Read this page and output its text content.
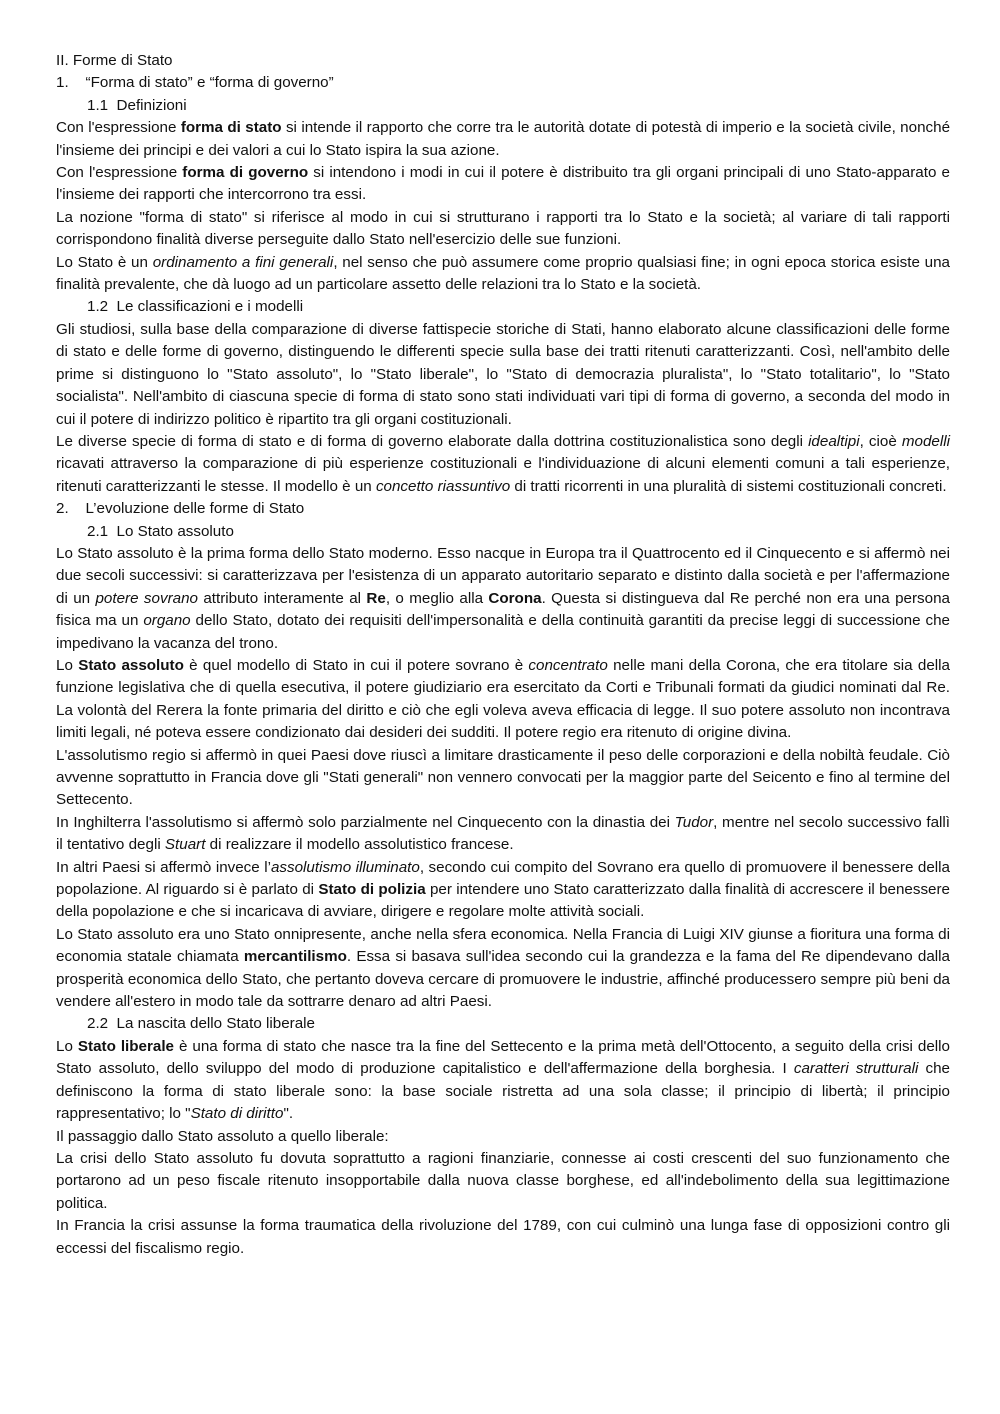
II. Forme di Stato

1.    “Forma di stato” e “forma di governo”

1.1  Definizioni

Con l'espressione forma di stato si intende il rapporto che corre tra le autorità dotate di potestà di imperio e la società civile, nonché l'insieme dei principi e dei valori a cui lo Stato ispira la sua azione.

Con l'espressione forma di governo si intendono i modi in cui il potere è distribuito tra gli organi principali di uno Stato-apparato e l'insieme dei rapporti che intercorrono tra essi.

La nozione "forma di stato" si riferisce al modo in cui si strutturano i rapporti tra lo Stato e la società; al variare di tali rapporti corrispondono finalità diverse perseguite dallo Stato nell'esercizio delle sue funzioni.

Lo Stato è un ordinamento a fini generali, nel senso che può assumere come proprio qualsiasi fine; in ogni epoca storica esiste una finalità prevalente, che dà luogo ad un particolare assetto delle relazioni tra lo Stato e la società.

1.2  Le classificazioni e i modelli

Gli studiosi, sulla base della comparazione di diverse fattispecie storiche di Stati, hanno elaborato alcune classificazioni delle forme di stato e delle forme di governo, distinguendo le differenti specie sulla base dei tratti ritenuti caratterizzanti. Così, nell'ambito delle prime si distinguono lo "Stato assoluto", lo "Stato liberale", lo "Stato di democrazia pluralista", lo "Stato totalitario", lo "Stato socialista". Nell'ambito di ciascuna specie di forma di stato sono stati individuati vari tipi di forma di governo, a seconda del modo in cui il potere di indirizzo politico è ripartito tra gli organi costituzionali.

Le diverse specie di forma di stato e di forma di governo elaborate dalla dottrina costituzionalistica sono degli idealtipi, cioè modelli ricavati attraverso la comparazione di più esperienze costituzionali e l'individuazione di alcuni elementi comuni a tali esperienze, ritenuti caratterizzanti le stesse. Il modello è un concetto riassuntivo di tratti ricorrenti in una pluralità di sistemi costituzionali concreti.

2.    L’evoluzione delle forme di Stato

2.1  Lo Stato assoluto

Lo Stato assoluto è la prima forma dello Stato moderno. Esso nacque in Europa tra il Quattrocento ed il Cinquecento e si affermò nei due secoli successivi: si caratterizzava per l'esistenza di un apparato autoritario separato e distinto dalla società e per l'affermazione di un potere sovrano attributo interamente al Re, o meglio alla Corona. Questa si distingueva dal Re perché non era una persona fisica ma un organo dello Stato, dotato dei requisiti dell'impersonalità e della continuità garantiti da precise leggi di successione che impedivano la vacanza del trono.

Lo Stato assoluto è quel modello di Stato in cui il potere sovrano è concentrato nelle mani della Corona, che era titolare sia della funzione legislativa che di quella esecutiva, il potere giudiziario era esercitato da Corti e Tribunali formati da giudici nominati dal Re. La volontà del Rerera la fonte primaria del diritto e ciò che egli voleva aveva efficacia di legge. Il suo potere assoluto non incontrava limiti legali, né poteva essere condizionato dai desideri dei sudditi. Il potere regio era ritenuto di origine divina.

L'assolutismo regio si affermò in quei Paesi dove riuscì a limitare drasticamente il peso delle corporazioni e della nobiltà feudale. Ciò avvenne soprattutto in Francia dove gli "Stati generali" non vennero convocati per la maggior parte del Seicento e fino al termine del Settecento.

In Inghilterra l'assolutismo si affermò solo parzialmente nel Cinquecento con la dinastia dei Tudor, mentre nel secolo successivo fallì il tentativo degli Stuart di realizzare il modello assolutistico francese.

In altri Paesi si affermò invece l’assolutismo illuminato, secondo cui compito del Sovrano era quello di promuovere il benessere della popolazione. Al riguardo si è parlato di Stato di polizia per intendere uno Stato caratterizzato dalla finalità di accrescere il benessere della popolazione e che si incaricava di avviare, dirigere e regolare molte attività sociali.

Lo Stato assoluto era uno Stato onnipresente, anche nella sfera economica. Nella Francia di Luigi XIV giunse a fioritura una forma di economia statale chiamata mercantilismo. Essa si basava sull'idea secondo cui la grandezza e la fama del Re dipendevano dalla prosperità economica dello Stato, che pertanto doveva cercare di promuovere le industrie, affinché producessero sempre più beni da vendere all'estero in modo tale da sottrarre denaro ad altri Paesi.

2.2  La nascita dello Stato liberale

Lo Stato liberale è una forma di stato che nasce tra la fine del Settecento e la prima metà dell'Ottocento, a seguito della crisi dello Stato assoluto, dello sviluppo del modo di produzione capitalistico e dell'affermazione della borghesia. I caratteri strutturali che definiscono la forma di stato liberale sono: la base sociale ristretta ad una sola classe; il principio di libertà; il principio rappresentativo; lo "Stato di diritto".

Il passaggio dallo Stato assoluto a quello liberale:

La crisi dello Stato assoluto fu dovuta soprattutto a ragioni finanziarie, connesse ai costi crescenti del suo funzionamento che portarono ad un peso fiscale ritenuto insopportabile dalla nuova classe borghese, ed all'indebolimento della sua legittimazione politica.

In Francia la crisi assunse la forma traumatica della rivoluzione del 1789, con cui culminò una lunga fase di opposizioni contro gli eccessi del fiscalismo regio.
